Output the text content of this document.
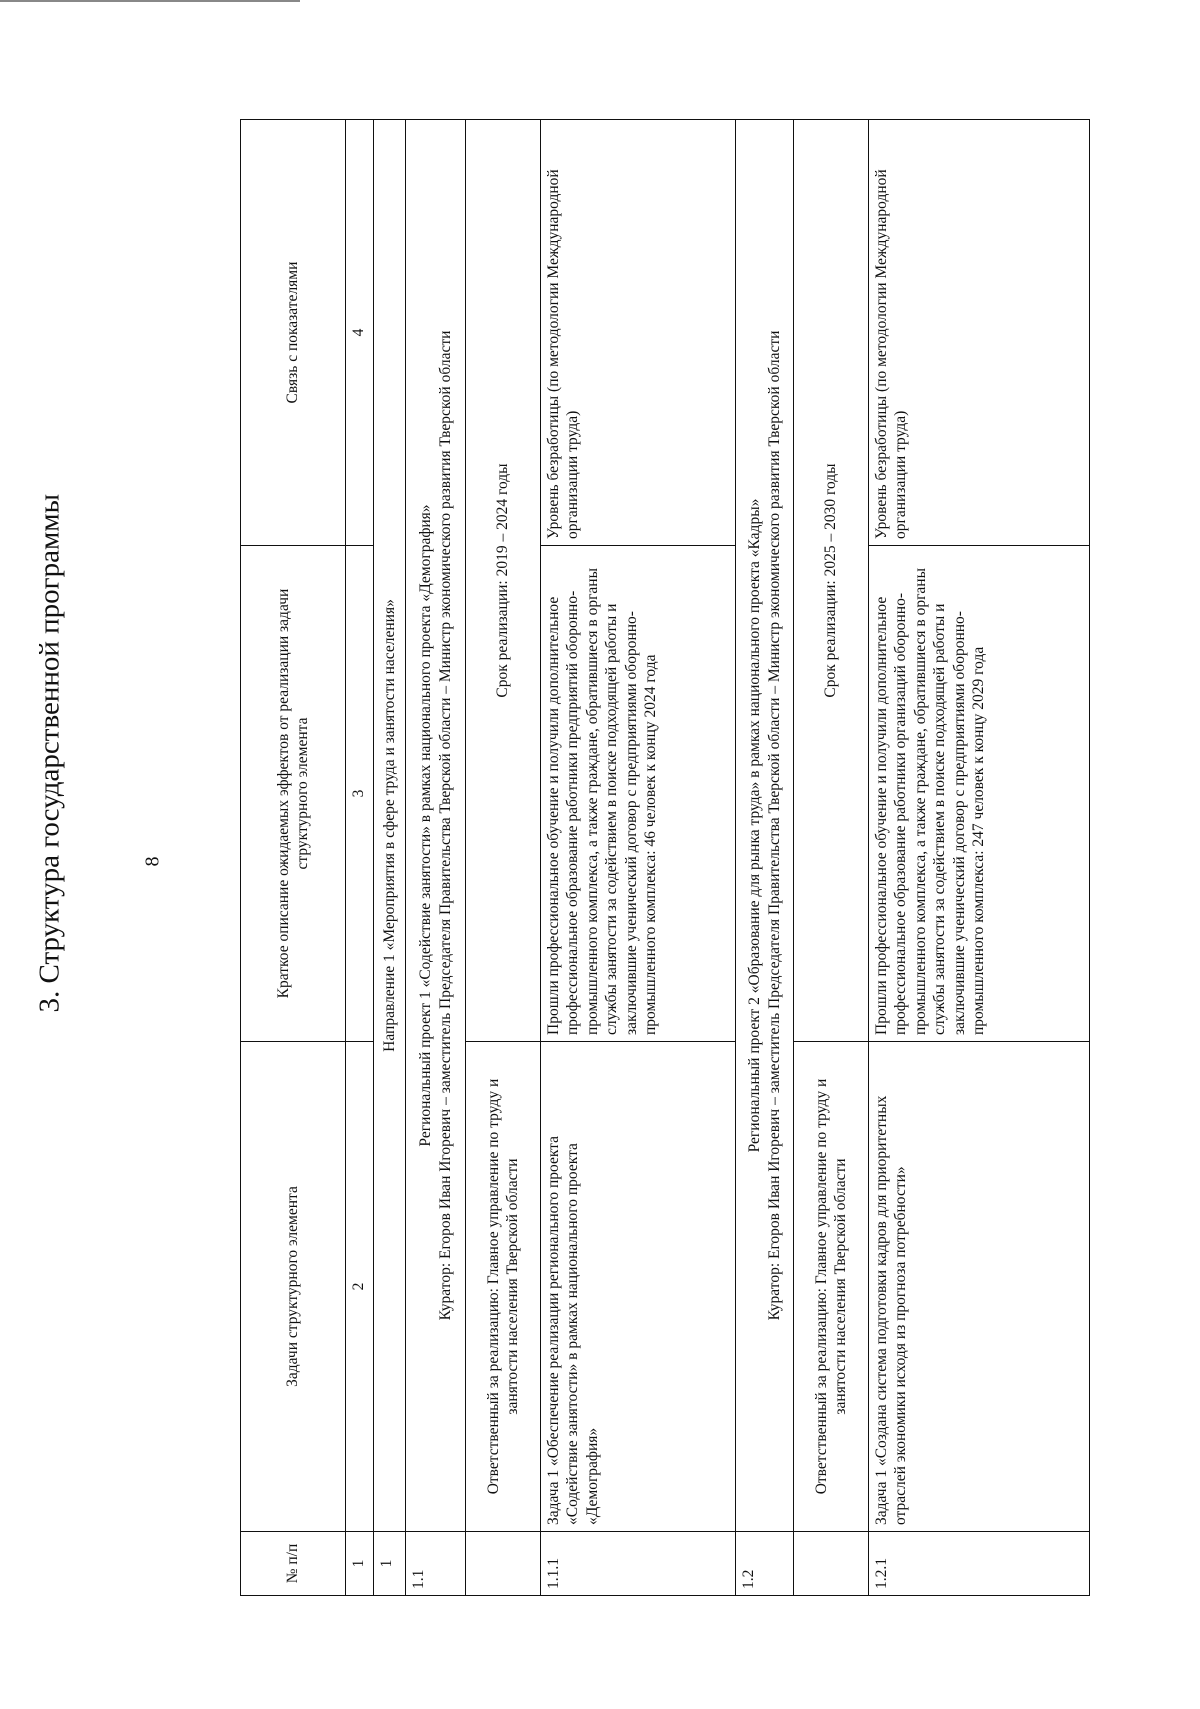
8
3. Структура государственной программы
№ п/п	Задачи структурного элемента	Краткое описание ожидаемых эффектов от реализации задачи структурного элемента	Связь с показателями
1	2	3	4
1	Направление 1 «Мероприятия в сфере труда и занятости населения»		
1.1	Региональный проект 1 «Содействие занятости» в рамках национального проекта «Демография» Куратор: Егоров Иван Игоревич – заместитель Председателя Правительства Тверской области – Министр экономического развития Тверской области		

	Ответственный за реализацию: Главное управление по труду и занятости населения Тверской области	Срок реализации: 2019 – 2024 годы	
1.1.1	Задача 1 «Обеспечение реализации регионального проекта «Содействие занятости» в рамках национального проекта «Демография»	Прошли профессиональное обучение и получили дополнительное профессиональное образование работники предприятий оборонно-промышленного комплекса, а также граждане, обратившиеся в органы службы занятости за содействием в поиске подходящей работы и заключившие ученический договор с предприятиями оборонно-промышленного комплекса: 46 человек к концу 2024 года	Уровень безработицы (по методологии Международной организации труда)
1.2	Региональный проект 2 «Образование для рынка труда» в рамках национального проекта «Кадры» Куратор: Егоров Иван Игоревич – заместитель Председателя Правительства Тверской области – Министр экономического развития Тверской области		

	Ответственный за реализацию: Главное управление по труду и занятости населения Тверской области	Срок реализации: 2025 – 2030 годы	
1.2.1	Задача 1 «Создана система подготовки кадров для приоритетных отраслей экономики исходя из прогноза потребности»	Прошли профессиональное обучение и получили дополнительное профессиональное образование работники организаций оборонно-промышленного комплекса, а также граждане, обратившиеся в органы службы занятости за содействием в поиске подходящей работы и заключившие ученический договор с предприятиями оборонно-промышленного комплекса: 247 человек к концу 2029 года	Уровень безработицы (по методологии Международной организации труда)
